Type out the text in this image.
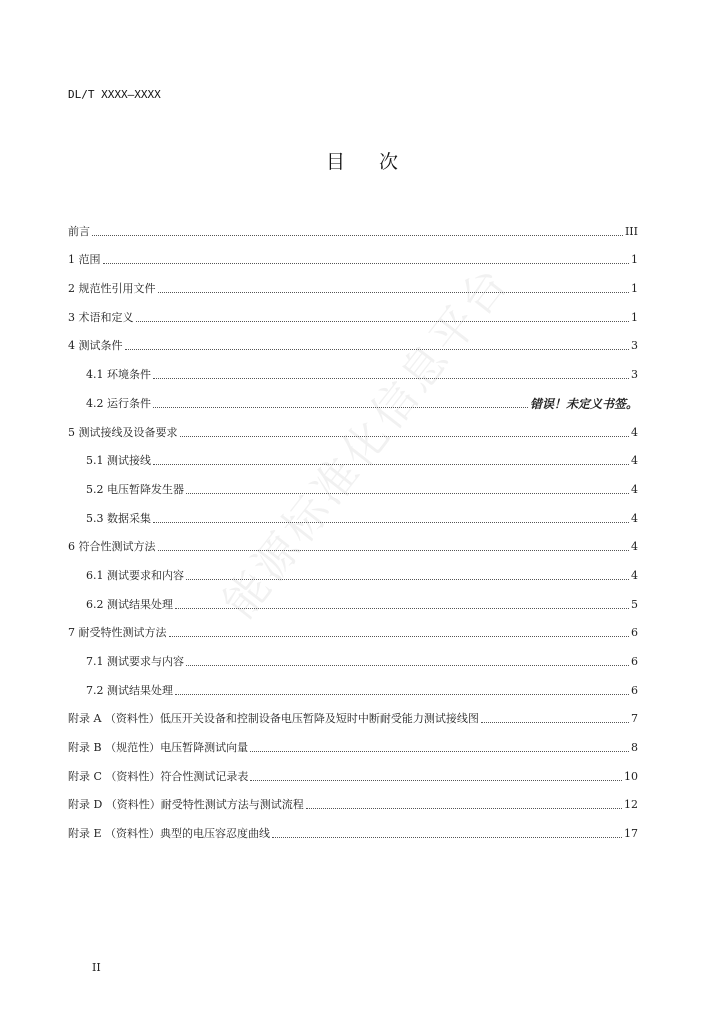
DL/T XXXX—XXXX
目 次
前言	III
1 范围	1
2 规范性引用文件	1
3 术语和定义	1
4 测试条件	3
4.1 环境条件	3
4.2 运行条件	错误！未定义书签。
5 测试接线及设备要求	4
5.1 测试接线	4
5.2 电压暂降发生器	4
5.3 数据采集	4
6 符合性测试方法	4
6.1 测试要求和内容	4
6.2 测试结果处理	5
7 耐受特性测试方法	6
7.1 测试要求与内容	6
7.2 测试结果处理	6
附录 A （资料性）低压开关设备和控制设备电压暂降及短时中断耐受能力测试接线图	7
附录 B （规范性）电压暂降测试向量	8
附录 C （资料性）符合性测试记录表	10
附录 D （资料性）耐受特性测试方法与测试流程	12
附录 E （资料性）典型的电压容忍度曲线	17
II
能源标准化信息平台
